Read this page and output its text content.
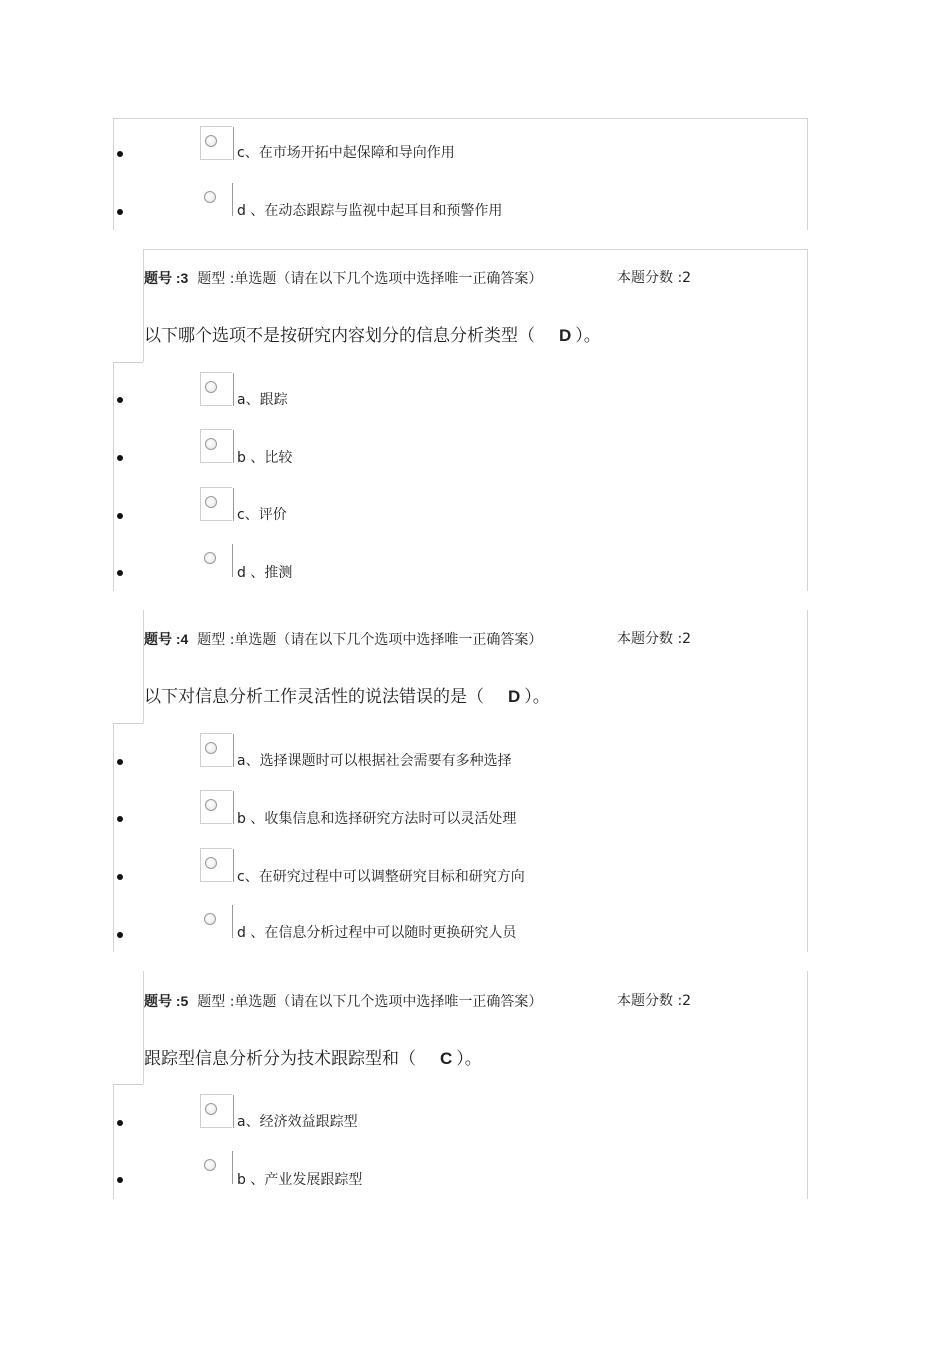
c、在市场开拓中起保障和导向作用
d 、在动态跟踪与监视中起耳目和预警作用
题号 :3 题型 :单选题（请在以下几个选项中选择唯一正确答案）	本题分数 :2
以下哪个选项不是按研究内容划分的信息分析类型（ D ）。
a、跟踪
b 、比较
c、评价
d 、推测
题号 :4 题型 :单选题（请在以下几个选项中选择唯一正确答案）	本题分数 :2
以下对信息分析工作灵活性的说法错误的是（ D ）。
a、选择课题时可以根据社会需要有多种选择
b 、收集信息和选择研究方法时可以灵活处理
c、在研究过程中可以调整研究目标和研究方向
d 、在信息分析过程中可以随时更换研究人员
题号 :5 题型 :单选题（请在以下几个选项中选择唯一正确答案）	本题分数 :2
跟踪型信息分析分为技术跟踪型和（ C ）。
a、经济效益跟踪型
b 、产业发展跟踪型
